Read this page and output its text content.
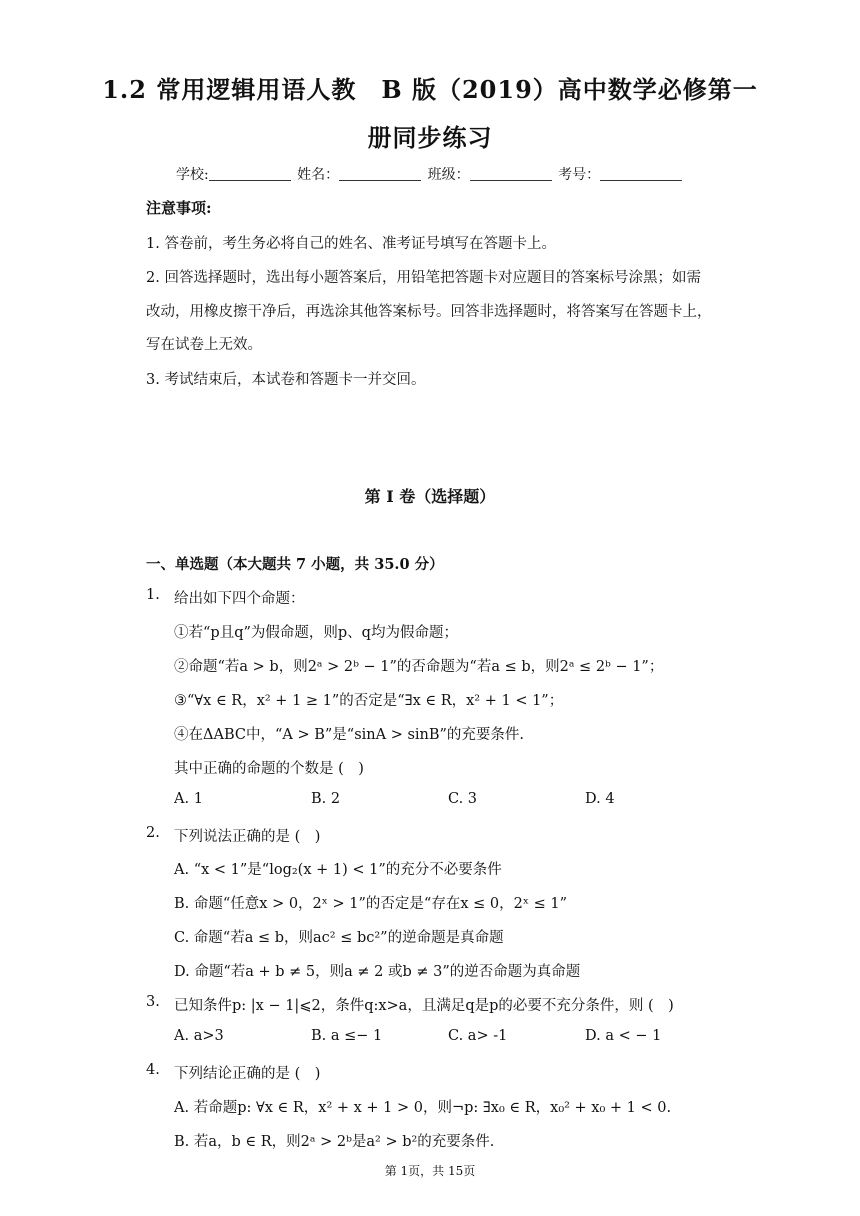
1.2 常用逻辑用语人教　B 版（2019）高中数学必修第一
册同步练习
学校:	姓名：	班级：	考号：
注意事项:
1. 答卷前，考生务必将自己的姓名、准考证号填写在答题卡上。
2. 回答选择题时，选出每小题答案后，用铅笔把答题卡对应题目的答案标号涂黑；如需
改动，用橡皮擦干净后，再选涂其他答案标号。回答非选择题时，将答案写在答题卡上，
写在试卷上无效。
3. 考试结束后，本试卷和答题卡一并交回。
第 I 卷（选择题）
一、单选题（本大题共 7 小题，共 35.0 分）
1. 给出如下四个命题：
①若“p且q”为假命题，则p、q均为假命题；
②命题“若a > b，则2ᵃ > 2ᵇ − 1”的否命题为“若a ≤ b，则2ᵃ ≤ 2ᵇ − 1”；
③“∀x ∈ R，x² + 1 ≥ 1”的否定是“∃x ∈ R，x² + 1 < 1”；
④在ΔABC中，“A > B”是“sinA > sinB”的充要条件.
其中正确的命题的个数是 (　)
A. 1	B. 2	C. 3	D. 4
2. 下列说法正确的是 (　)
A. “x < 1”是“log₂(x + 1) < 1”的充分不必要条件
B. 命题“任意x > 0，2ˣ > 1”的否定是“存在x ≤ 0，2ˣ ≤ 1”
C. 命题“若a ≤ b，则ac² ≤ bc²”的逆命题是真命题
D. 命题“若a + b ≠ 5，则a ≠ 2 或b ≠ 3”的逆否命题为真命题
3. 已知条件p: |x − 1|⩽2，条件q:x>a，且满足q是p的必要不充分条件，则 (　)
A. a>3	B. a ≤− 1	C. a> -1	D. a < − 1
4. 下列结论正确的是 (　)
A. 若命题p: ∀x ∈ R，x² + x + 1 > 0，则¬p: ∃x₀ ∈ R，x₀² + x₀ + 1 < 0.
B. 若a，b ∈ R，则2ᵃ > 2ᵇ是a² > b²的充要条件.
第 1页，共 15页
